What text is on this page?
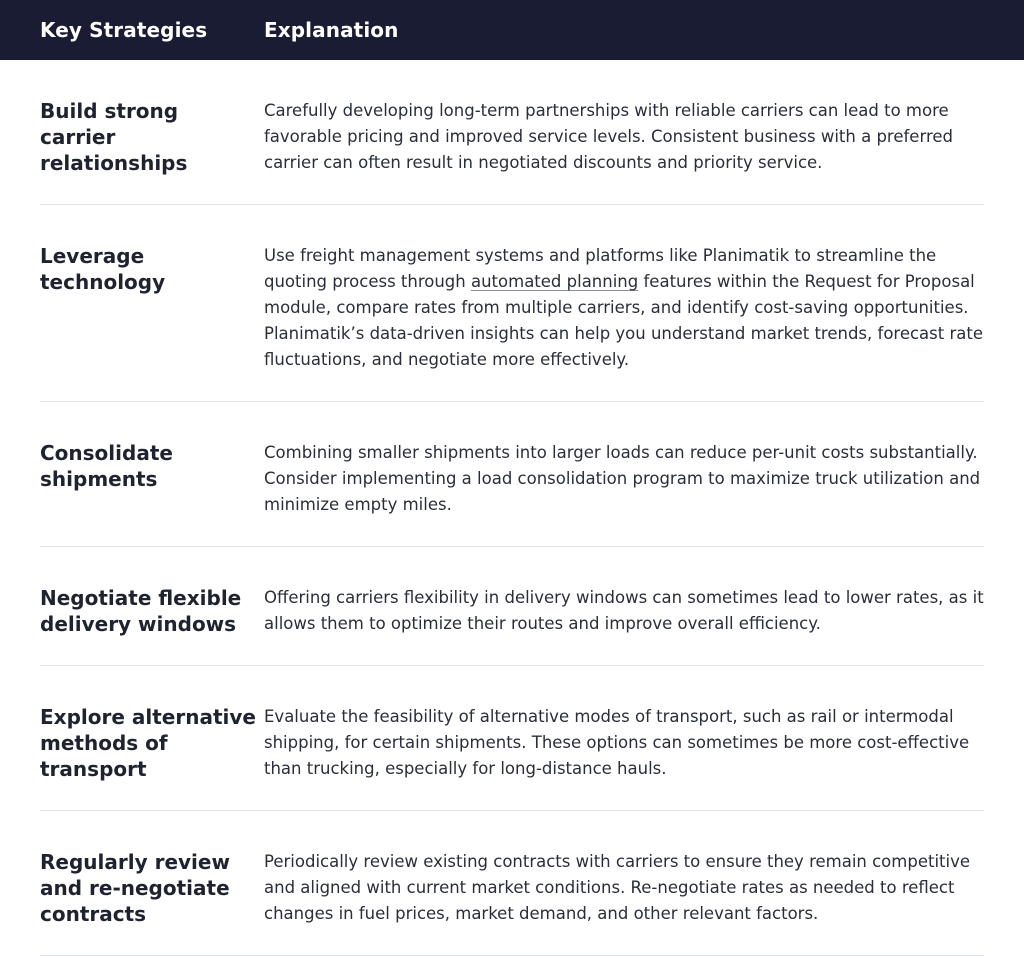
Key Strategies	Explanation
Build strong carrier relationships
Carefully developing long-term partnerships with reliable carriers can lead to more favorable pricing and improved service levels. Consistent business with a preferred carrier can often result in negotiated discounts and priority service.
Leverage technology
Use freight management systems and platforms like Planimatik to streamline the quoting process through automated planning features within the Request for Proposal module, compare rates from multiple carriers, and identify cost-saving opportunities. Planimatik’s data-driven insights can help you understand market trends, forecast rate fluctuations, and negotiate more effectively.
Consolidate shipments
Combining smaller shipments into larger loads can reduce per-unit costs substantially. Consider implementing a load consolidation program to maximize truck utilization and minimize empty miles.
Negotiate flexible delivery windows
Offering carriers flexibility in delivery windows can sometimes lead to lower rates, as it allows them to optimize their routes and improve overall efficiency.
Explore alternative methods of transport
Evaluate the feasibility of alternative modes of transport, such as rail or intermodal shipping, for certain shipments. These options can sometimes be more cost-effective than trucking, especially for long-distance hauls.
Regularly review and re-negotiate contracts
Periodically review existing contracts with carriers to ensure they remain competitive and aligned with current market conditions. Re-negotiate rates as needed to reflect changes in fuel prices, market demand, and other relevant factors.
